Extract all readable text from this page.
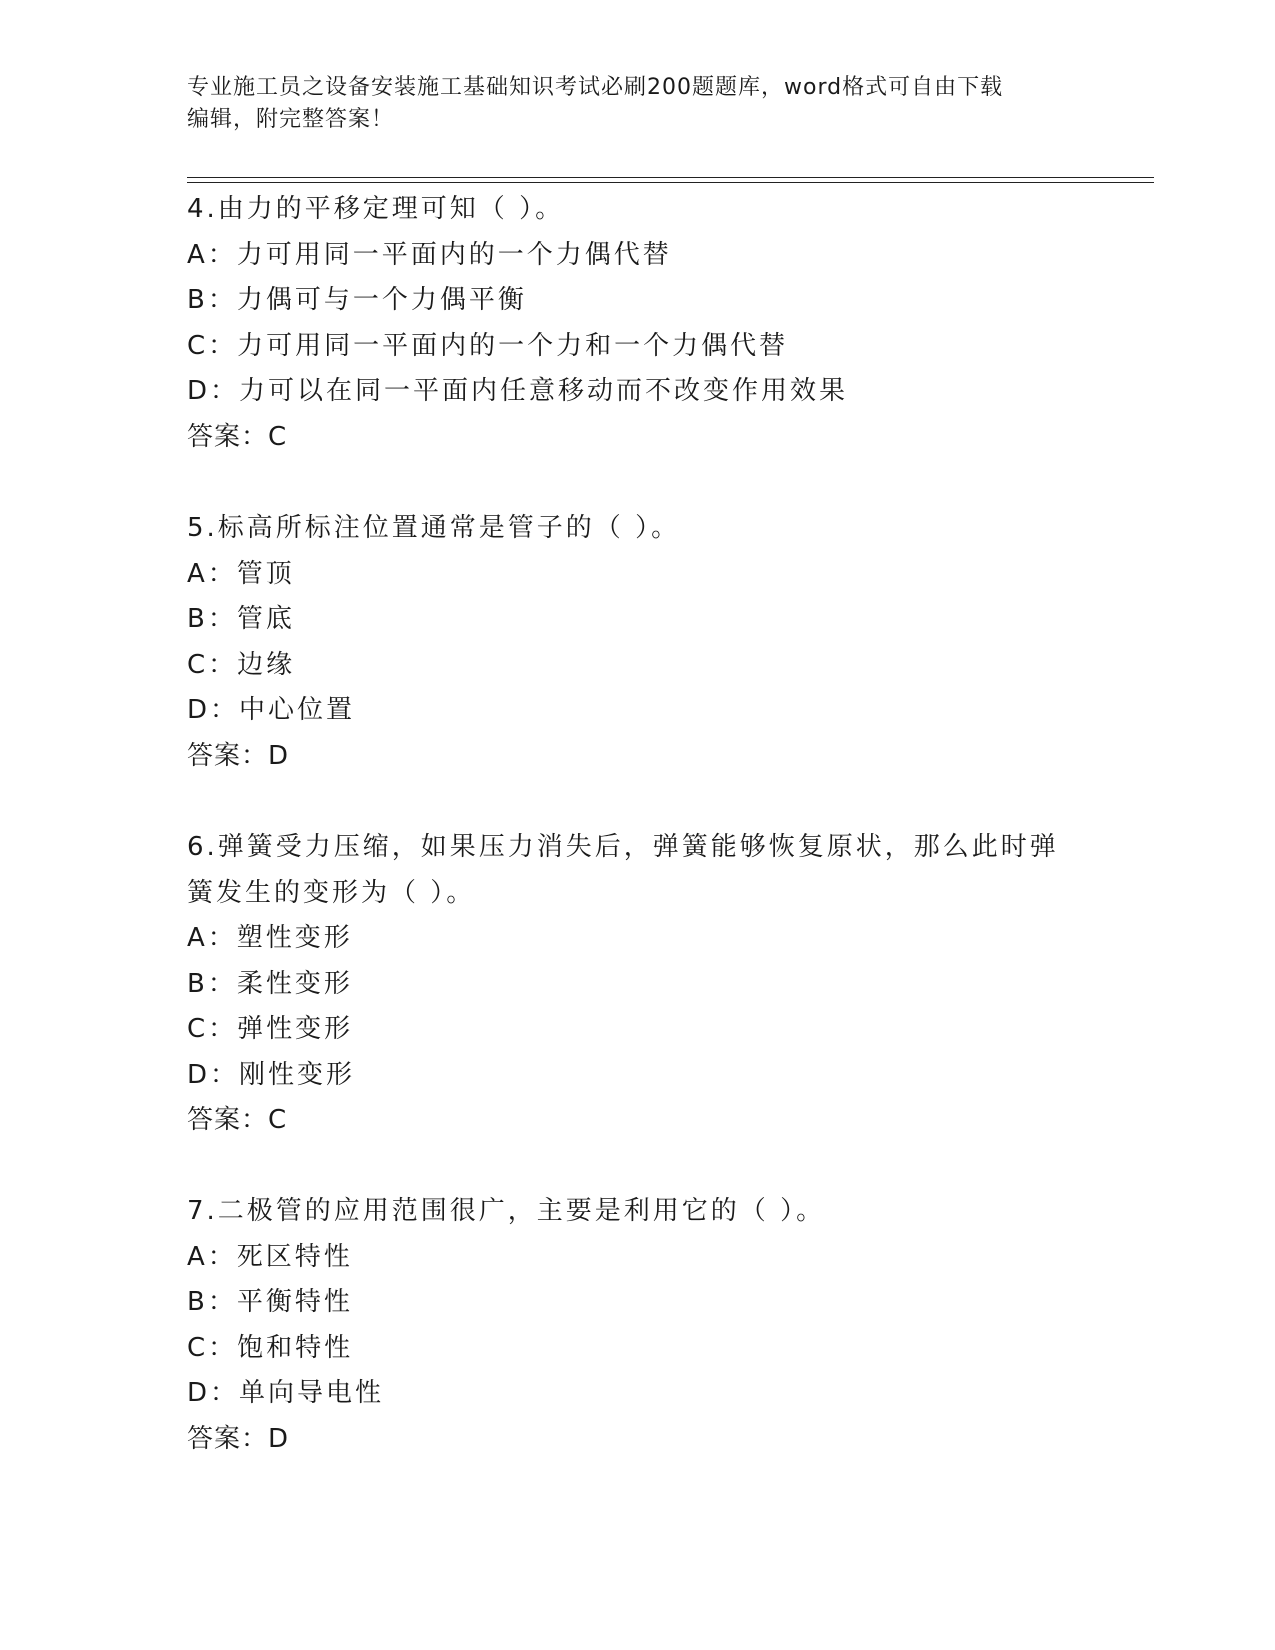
专业施工员之设备安装施工基础知识考试必刷200题题库，word格式可自由下载
编辑，附完整答案！
4.由力的平移定理可知（ ）。
A：力可用同一平面内的一个力偶代替
B：力偶可与一个力偶平衡
C：力可用同一平面内的一个力和一个力偶代替
D：力可以在同一平面内任意移动而不改变作用效果
答案：C
5.标高所标注位置通常是管子的（ ）。
A：管顶
B：管底
C：边缘
D：中心位置
答案：D
6.弹簧受力压缩，如果压力消失后，弹簧能够恢复原状，那么此时弹
簧发生的变形为（ ）。
A：塑性变形
B：柔性变形
C：弹性变形
D：刚性变形
答案：C
7.二极管的应用范围很广，主要是利用它的（ ）。
A：死区特性
B：平衡特性
C：饱和特性
D：单向导电性
答案：D
